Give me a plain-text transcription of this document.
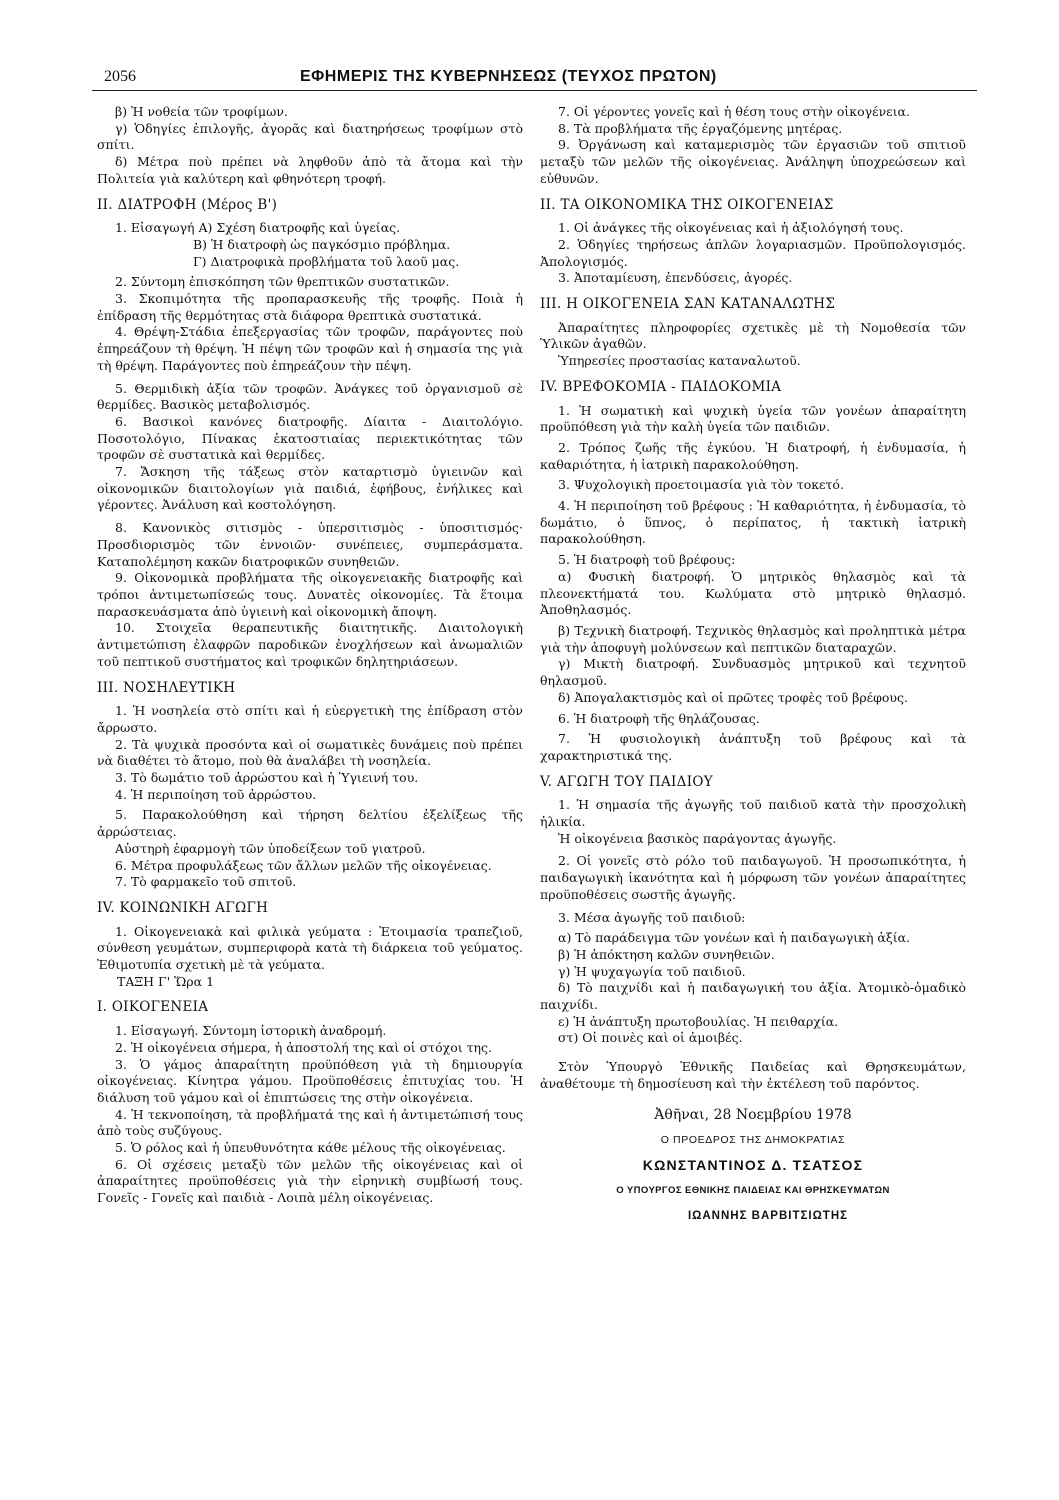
2056	ΕΦΗΜΕΡΙΣ ΤΗΣ ΚΥΒΕΡΝΗΣΕΩΣ (ΤΕΥΧΟΣ ΠΡΩΤΟΝ)

β) Ἡ νοθεία τῶν τροφίμων.

γ) Ὁδηγίες ἐπιλογῆς, ἀγορᾶς καὶ διατηρήσεως τροφίμων στὸ σπίτι.

δ) Μέτρα ποὺ πρέπει νὰ ληφθοῦν ἀπὸ τὰ ἄτομα καὶ τὴν Πολιτεία γιὰ καλύτερη καὶ φθηνότερη τροφή.

ΙΙ. ΔΙΑΤΡΟΦΗ (Μέρος Β')

1. Εἰσαγωγή Α) Σχέση διατροφῆς καὶ ὑγείας.

Β) Ἡ διατροφὴ ὡς παγκόσμιο πρόβλημα.

Γ) Διατροφικὰ προβλήματα τοῦ λαοῦ μας.

2. Σύντομη ἐπισκόπηση τῶν θρεπτικῶν συστατικῶν.

3. Σκοπιμότητα τῆς προπαρασκευῆς τῆς τροφῆς. Ποιὰ ἡ ἐπίδραση τῆς θερμότητας στὰ διάφορα θρεπτικὰ συστατικά.

4. Θρέψη-Στάδια ἐπεξεργασίας τῶν τροφῶν, παράγοντες ποὺ ἐπηρεάζουν τὴ θρέψη. Ἡ πέψη τῶν τροφῶν καὶ ἡ σημασία της γιὰ τὴ θρέψη. Παράγοντες ποὺ ἐπηρεάζουν τὴν πέψη.

5. Θερμιδικὴ ἀξία τῶν τροφῶν. Ἀνάγκες τοῦ ὀργανισμοῦ σὲ θερμίδες. Βασικὸς μεταβολισμός.

6. Βασικοὶ κανόνες διατροφῆς. Δίαιτα - Διαιτολόγιο. Ποσοτολόγιο, Πίνακας ἑκατοστιαίας περιεκτικότητας τῶν τροφῶν σὲ συστατικὰ καὶ θερμίδες.

7. Ἄσκηση τῆς τάξεως στὸν καταρτισμὸ ὑγιεινῶν καὶ οἰκονομικῶν διαιτολογίων γιὰ παιδιά, ἐφήβους, ἐνήλικες καὶ γέροντες. Ἀνάλυση καὶ κοστολόγηση.

8. Κανονικὸς σιτισμὸς - ὑπερσιτισμὸς - ὑποσιτισμός· Προσδιορισμὸς τῶν ἐννοιῶν· συνέπειες, συμπεράσματα. Καταπολέμηση κακῶν διατροφικῶν συνηθειῶν.

9. Οἰκονομικὰ προβλήματα τῆς οἰκογενειακῆς διατροφῆς καὶ τρόποι ἀντιμετωπίσεώς τους. Δυνατὲς οἰκονομίες. Τὰ ἕτοιμα παρασκευάσματα ἀπὸ ὑγιεινὴ καὶ οἰκονομικὴ ἄποψη.

10. Στοιχεῖα θεραπευτικῆς διαιτητικῆς. Διαιτολογικὴ ἀντιμετώπιση ἐλαφρῶν παροδικῶν ἐνοχλήσεων καὶ ἀνωμαλιῶν τοῦ πεπτικοῦ συστήματος καὶ τροφικῶν δηλητηριάσεων.

ΙΙΙ. ΝΟΣΗΛΕΥΤΙΚΗ

1. Ἡ νοσηλεία στὸ σπίτι καὶ ἡ εὐεργετικὴ της ἐπίδραση στὸν ἄρρωστο.

2. Τὰ ψυχικὰ προσόντα καὶ οἱ σωματικὲς δυνάμεις ποὺ πρέπει νὰ διαθέτει τὸ ἄτομο, ποὺ θὰ ἀναλάβει τὴ νοσηλεία.

3. Τὸ δωμάτιο τοῦ ἀρρώστου καὶ ἡ Ὑγιεινή του.

4. Ἡ περιποίηση τοῦ ἀρρώστου.

5. Παρακολούθηση καὶ τήρηση δελτίου ἐξελίξεως τῆς ἀρρώστειας.

Αὐστηρὴ ἐφαρμογὴ τῶν ὑποδείξεων τοῦ γιατροῦ.

6. Μέτρα προφυλάξεως τῶν ἄλλων μελῶν τῆς οἰκογένειας.

7. Τὸ φαρμακεῖο τοῦ σπιτοῦ.

ΙV. ΚΟΙΝΩΝΙΚΗ ΑΓΩΓΗ

1. Οἰκογενειακὰ καὶ φιλικὰ γεύματα : Ἑτοιμασία τραπεζιοῦ, σύνθεση γευμάτων, συμπεριφορὰ κατὰ τὴ διάρκεια τοῦ γεύματος. Ἐθιμοτυπία σχετικὴ μὲ τὰ γεύματα.

ΤΑΞΗ Γ' Ὥρα 1

Ι. ΟΙΚΟΓΕΝΕΙΑ

1. Εἰσαγωγή. Σύντομη ἱστορικὴ ἀναδρομή.

2. Ἡ οἰκογένεια σήμερα, ἡ ἀποστολή της καὶ οἱ στόχοι της.

3. Ὁ γάμος ἀπαραίτητη προϋπόθεση γιὰ τὴ δημιουργία οἰκογένειας. Κίνητρα γάμου. Προϋποθέσεις ἐπιτυχίας του. Ἡ διάλυση τοῦ γάμου καὶ οἱ ἐπιπτώσεις της στὴν οἰκογένεια.

4. Ἡ τεκνοποίηση, τὰ προβλήματά της καὶ ἡ ἀντιμετώπισή τους ἀπὸ τοὺς συζύγους.

5. Ὁ ρόλος καὶ ἡ ὑπευθυνότητα κάθε μέλους τῆς οἰκογένειας.

6. Οἱ σχέσεις μεταξὺ τῶν μελῶν τῆς οἰκογένειας καὶ οἱ ἀπαραίτητες προϋποθέσεις γιὰ τὴν εἰρηνικὴ συμβίωσή τους. Γονεῖς - Γονεῖς καὶ παιδιὰ - Λοιπὰ μέλη οἰκογένειας.

7. Οἱ γέροντες γονεῖς καὶ ἡ θέση τους στὴν οἰκογένεια.

8. Τὰ προβλήματα τῆς ἐργαζόμενης μητέρας.

9. Ὀργάνωση καὶ καταμερισμὸς τῶν ἐργασιῶν τοῦ σπιτιοῦ μεταξὺ τῶν μελῶν τῆς οἰκογένειας. Ἀνάληψη ὑποχρεώσεων καὶ εὐθυνῶν.

ΙΙ. ΤΑ ΟΙΚΟΝΟΜΙΚΑ ΤΗΣ ΟΙΚΟΓΕΝΕΙΑΣ

1. Οἱ ἀνάγκες τῆς οἰκογένειας καὶ ἡ ἀξιολόγησή τους.

2. Ὁδηγίες τηρήσεως ἁπλῶν λογαριασμῶν. Προϋπολογισμός. Ἀπολογισμός.

3. Ἀποταμίευση, ἐπενδύσεις, ἀγορές.

ΙΙΙ. Η ΟΙΚΟΓΕΝΕΙΑ ΣΑΝ ΚΑΤΑΝΑΛΩΤΗΣ

Ἀπαραίτητες πληροφορίες σχετικὲς μὲ τὴ Νομοθεσία τῶν Ὑλικῶν ἀγαθῶν.

Ὑπηρεσίες προστασίας καταναλωτοῦ.

ΙV. ΒΡΕΦΟΚΟΜΙΑ - ΠΑΙΔΟΚΟΜΙΑ

1. Ἡ σωματικὴ καὶ ψυχικὴ ὑγεία τῶν γονέων ἀπαραίτητη προϋπόθεση γιὰ τὴν καλὴ ὑγεία τῶν παιδιῶν.

2. Τρόπος ζωῆς τῆς ἐγκύου. Ἡ διατροφή, ἡ ἐνδυμασία, ἡ καθαριότητα, ἡ ἰατρικὴ παρακολούθηση.

3. Ψυχολογικὴ προετοιμασία γιὰ τὸν τοκετό.

4. Ἡ περιποίηση τοῦ βρέφους : Ἡ καθαριότητα, ἡ ἐνδυμασία, τὸ δωμάτιο, ὁ ὕπνος, ὁ περίπατος, ἡ τακτικὴ ἰατρικὴ παρακολούθηση.

5. Ἡ διατροφὴ τοῦ βρέφους:

α) Φυσικὴ διατροφή. Ὁ μητρικὸς θηλασμὸς καὶ τὰ πλεονεκτήματά του. Κωλύματα στὸ μητρικὸ θηλασμό. Ἀποθηλασμός.

β) Τεχνικὴ διατροφή. Τεχνικὸς θηλασμὸς καὶ προληπτικὰ μέτρα γιὰ τὴν ἀποφυγὴ μολύνσεων καὶ πεπτικῶν διαταραχῶν.

γ) Μικτὴ διατροφή. Συνδυασμὸς μητρικοῦ καὶ τεχνητοῦ θηλασμοῦ.

δ) Ἀπογαλακτισμὸς καὶ οἱ πρῶτες τροφὲς τοῦ βρέφους.

6. Ἡ διατροφὴ τῆς θηλάζουσας.

7. Ἡ φυσιολογικὴ ἀνάπτυξη τοῦ βρέφους καὶ τὰ χαρακτηριστικά της.

V. ΑΓΩΓΗ ΤΟΥ ΠΑΙΔΙΟΥ

1. Ἡ σημασία τῆς ἀγωγῆς τοῦ παιδιοῦ κατὰ τὴν προσχολικὴ ἡλικία.

Ἡ οἰκογένεια βασικὸς παράγοντας ἀγωγῆς.

2. Οἱ γονεῖς στὸ ρόλο τοῦ παιδαγωγοῦ. Ἡ προσωπικότητα, ἡ παιδαγωγικὴ ἱκανότητα καὶ ἡ μόρφωση τῶν γονέων ἀπαραίτητες προϋποθέσεις σωστῆς ἀγωγῆς.

3. Μέσα ἀγωγῆς τοῦ παιδιοῦ:

α) Τὸ παράδειγμα τῶν γονέων καὶ ἡ παιδαγωγικὴ ἀξία.

β) Ἡ ἀπόκτηση καλῶν συνηθειῶν.

γ) Ἡ ψυχαγωγία τοῦ παιδιοῦ.

δ) Τὸ παιχνίδι καὶ ἡ παιδαγωγική του ἀξία. Ἀτομικὸ-ὁμαδικὸ παιχνίδι.

ε) Ἡ ἀνάπτυξη πρωτοβουλίας. Ἡ πειθαρχία.

στ) Οἱ ποινὲς καὶ οἱ ἀμοιβές.

Στὸν Ὑπουργὸ Ἐθνικῆς Παιδείας καὶ Θρησκευμάτων, ἀναθέτουμε τὴ δημοσίευση καὶ τὴν ἐκτέλεση τοῦ παρόντος.

Ἀθῆναι, 28 Νοεμβρίου 1978

Ο ΠΡΟΕΔΡΟΣ ΤΗΣ ΔΗΜΟΚΡΑΤΙΑΣ

ΚΩΝΣΤΑΝΤΙΝΟΣ Δ. ΤΣΑΤΣΟΣ

Ο ΥΠΟΥΡΓΟΣ ΕΘΝΙΚΗΣ ΠΑΙΔΕΙΑΣ ΚΑΙ ΘΡΗΣΚΕΥΜΑΤΩΝ

ΙΩΑΝΝΗΣ ΒΑΡΒΙΤΣΙΩΤΗΣ
